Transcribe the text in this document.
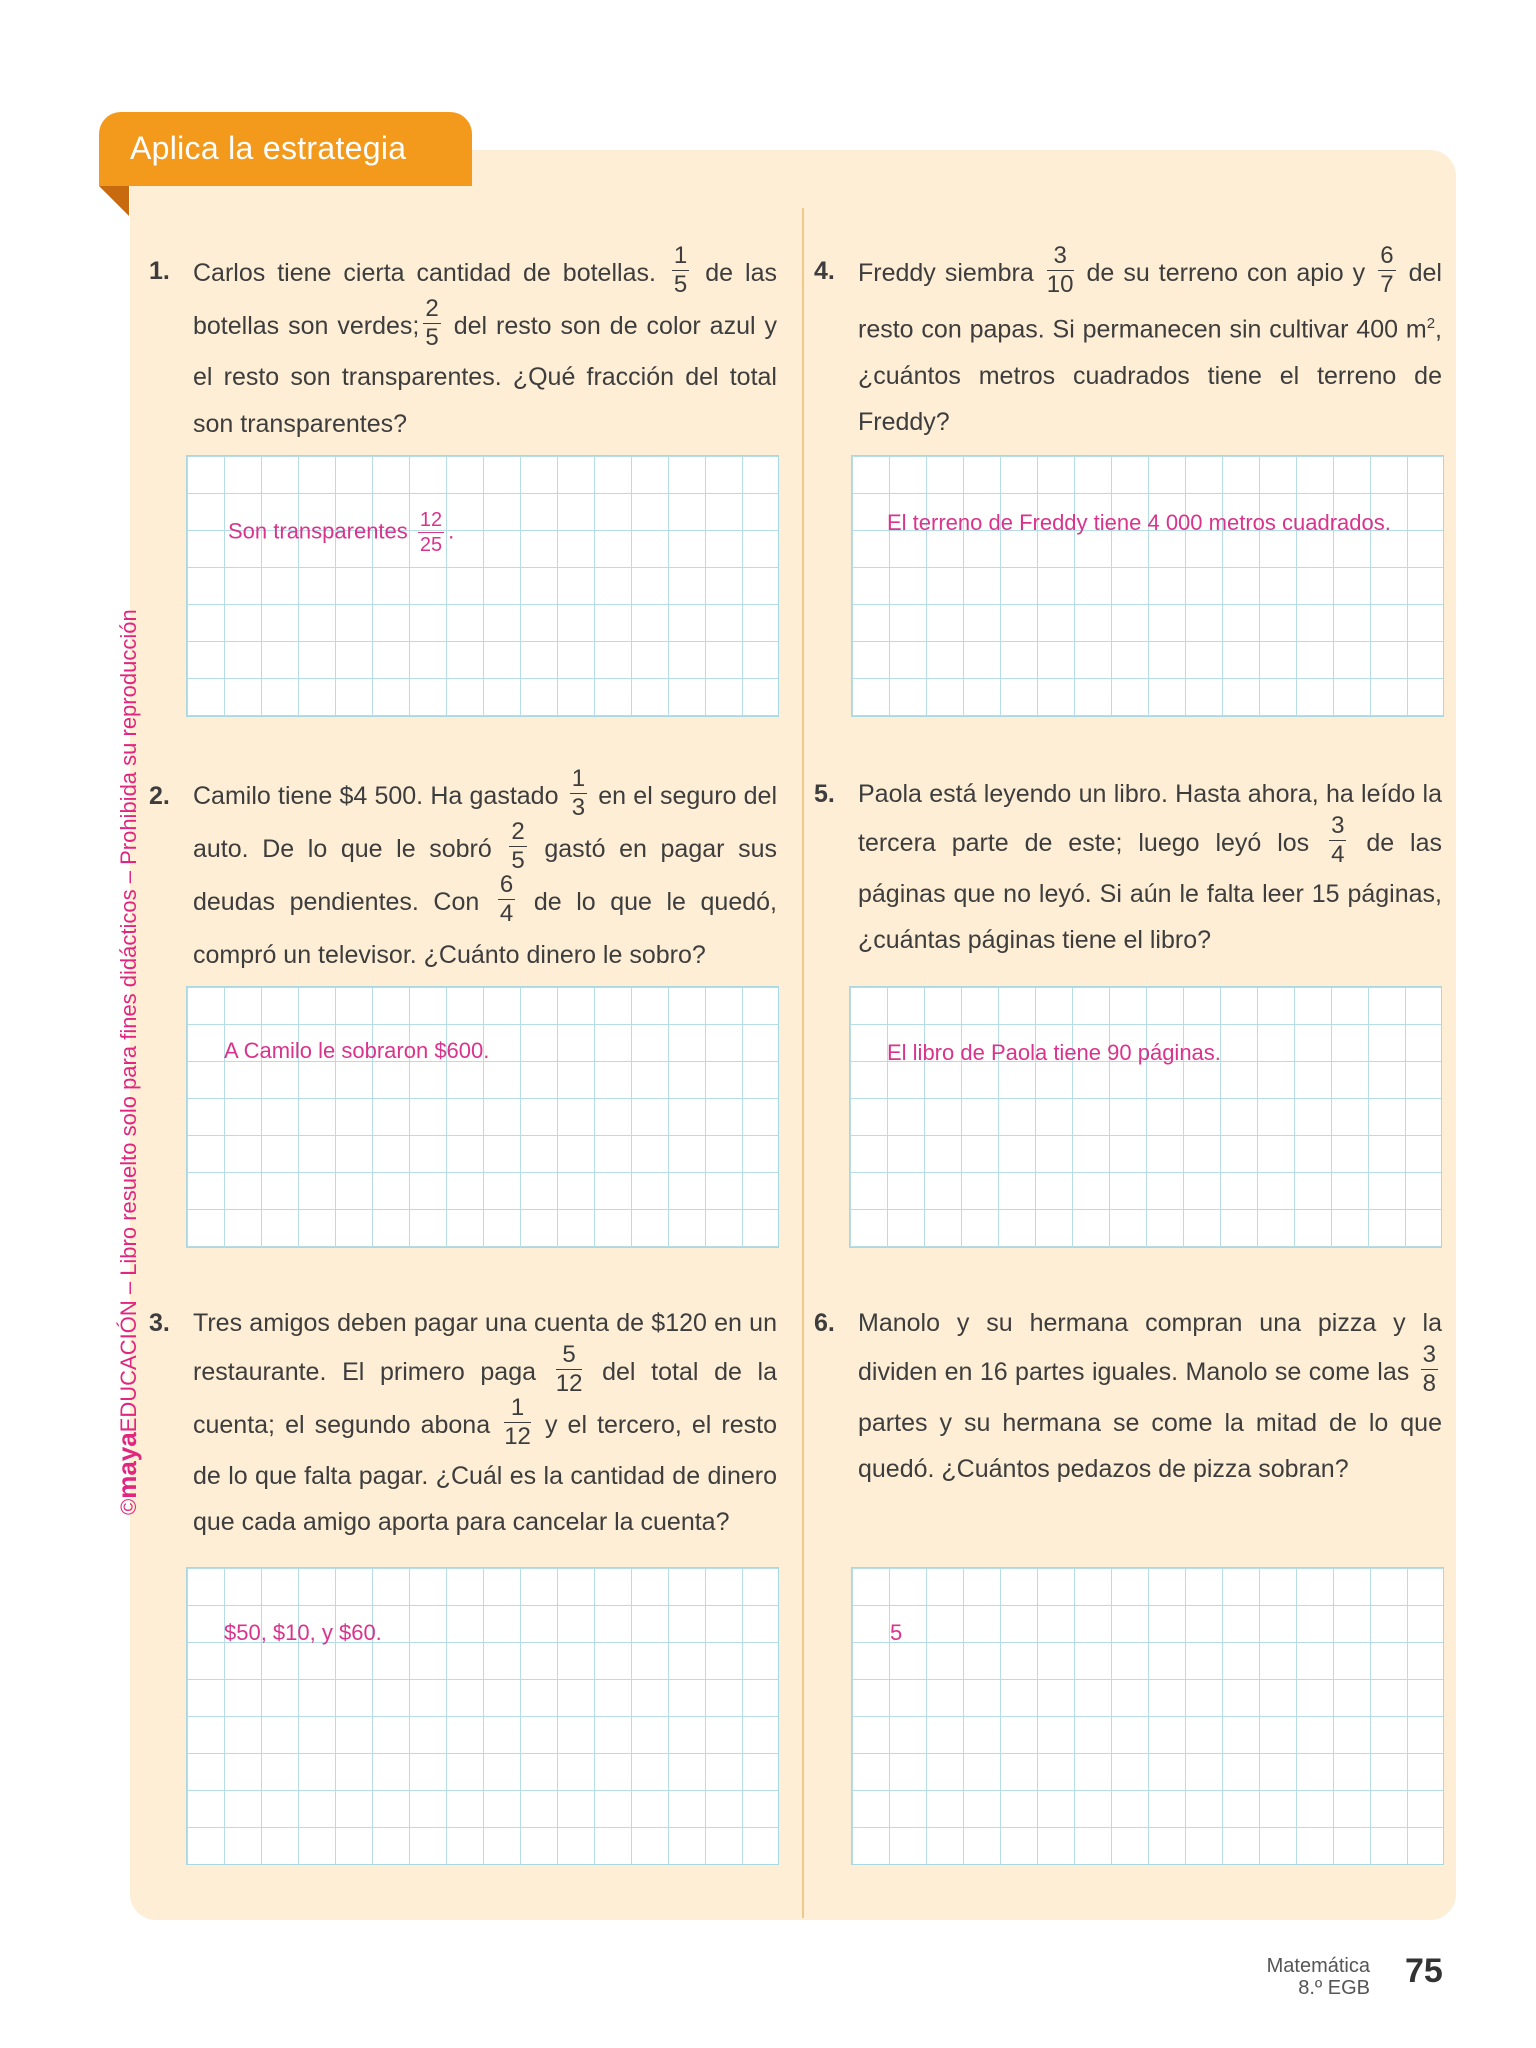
Aplica la estrategia
©mayaEDUCACIÓN – Libro resuelto solo para fines didácticos – Prohibida su reproducción
1. Carlos tiene cierta cantidad de botellas. $\frac{1}{5}$ de las botellas son verdes; $\frac{2}{5}$ del resto son de color azul y el resto son transparentes. ¿Qué fracción del total son transparentes?
Son transparentes $\frac{12}{25}$ .
2. Camilo tiene $4 500. Ha gastado $\frac{1}{3}$ en el seguro del auto. De lo que le sobró $\frac{2}{5}$ gastó en pagar sus deudas pendientes. Con $\frac{6}{4}$ de lo que le quedó, compró un televisor. ¿Cuánto dinero le sobro?
A Camilo le sobraron $600.
3. Tres amigos deben pagar una cuenta de $120 en un restaurante. El primero paga $\frac{5}{12}$ del total de la cuenta; el segundo abona $\frac{1}{12}$ y el tercero, el resto de lo que falta pagar. ¿Cuál es la cantidad de dinero que cada amigo aporta para cancelar la cuenta?
$50, $10, y $60.
4. Freddy siembra $\frac{3}{10}$ de su terreno con apio y $\frac{6}{7}$ del resto con papas. Si permanecen sin cultivar 400 $m^2$, ¿cuántos metros cuadrados tiene el terreno de Freddy?
El terreno de Freddy tiene 4 000 metros cuadrados.
5. Paola está leyendo un libro. Hasta ahora, ha leído la tercera parte de este; luego leyó los $\frac{3}{4}$ de las páginas que no leyó. Si aún le falta leer 15 páginas, ¿cuántas páginas tiene el libro?
El libro de Paola tiene 90 páginas.
6. Manolo y su hermana compran una pizza y la dividen en 16 partes iguales. Manolo se come las $\frac{3}{8}$
partes y su hermana se come la mitad de lo que quedó. ¿Cuántos pedazos de pizza sobran?
5
Matemática
8.º EGB 75
